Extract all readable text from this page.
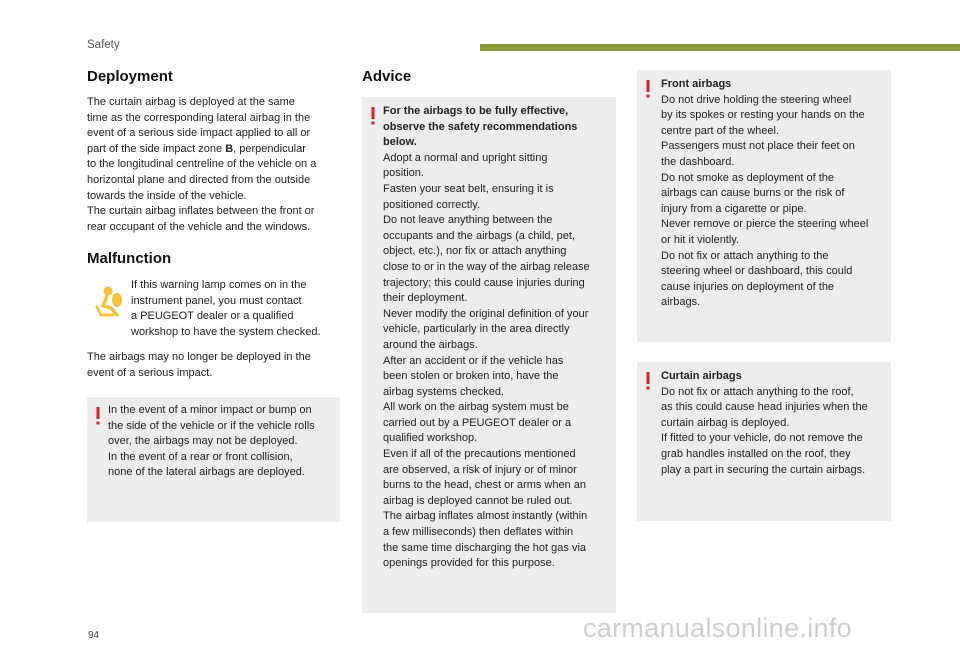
Safety
Deployment

The curtain airbag is deployed at the same
time as the corresponding lateral airbag in the
event of a serious side impact applied to all or
part of the side impact zone B, perpendicular
to the longitudinal centreline of the vehicle on a
horizontal plane and directed from the outside
towards the inside of the vehicle.
The curtain airbag inflates between the front or
rear occupant of the vehicle and the windows.

Malfunction

If this warning lamp comes on in the
instrument panel, you must contact
a PEUGEOT dealer or a qualified
workshop to have the system checked.

The airbags may no longer be deployed in the
event of a serious impact.

In the event of a minor impact or bump on
the side of the vehicle or if the vehicle rolls
over, the airbags may not be deployed.
In the event of a rear or front collision,
none of the lateral airbags are deployed.

Advice

For the airbags to be fully effective,
observe the safety recommendations
below.
Adopt a normal and upright sitting
position.
Fasten your seat belt, ensuring it is
positioned correctly.
Do not leave anything between the
occupants and the airbags (a child, pet,
object, etc.), nor fix or attach anything
close to or in the way of the airbag release
trajectory; this could cause injuries during
their deployment.
Never modify the original definition of your
vehicle, particularly in the area directly
around the airbags.
After an accident or if the vehicle has
been stolen or broken into, have the
airbag systems checked.
All work on the airbag system must be
carried out by a PEUGEOT dealer or a
qualified workshop.
Even if all of the precautions mentioned
are observed, a risk of injury or of minor
burns to the head, chest or arms when an
airbag is deployed cannot be ruled out.
The airbag inflates almost instantly (within
a few milliseconds) then deflates within
the same time discharging the hot gas via
openings provided for this purpose.

Front airbags
Do not drive holding the steering wheel
by its spokes or resting your hands on the
centre part of the wheel.
Passengers must not place their feet on
the dashboard.
Do not smoke as deployment of the
airbags can cause burns or the risk of
injury from a cigarette or pipe.
Never remove or pierce the steering wheel
or hit it violently.
Do not fix or attach anything to the
steering wheel or dashboard, this could
cause injuries on deployment of the
airbags.

Curtain airbags
Do not fix or attach anything to the roof,
as this could cause head injuries when the
curtain airbag is deployed.
If fitted to your vehicle, do not remove the
grab handles installed on the roof, they
play a part in securing the curtain airbags.

94	carmanualsonline.info
